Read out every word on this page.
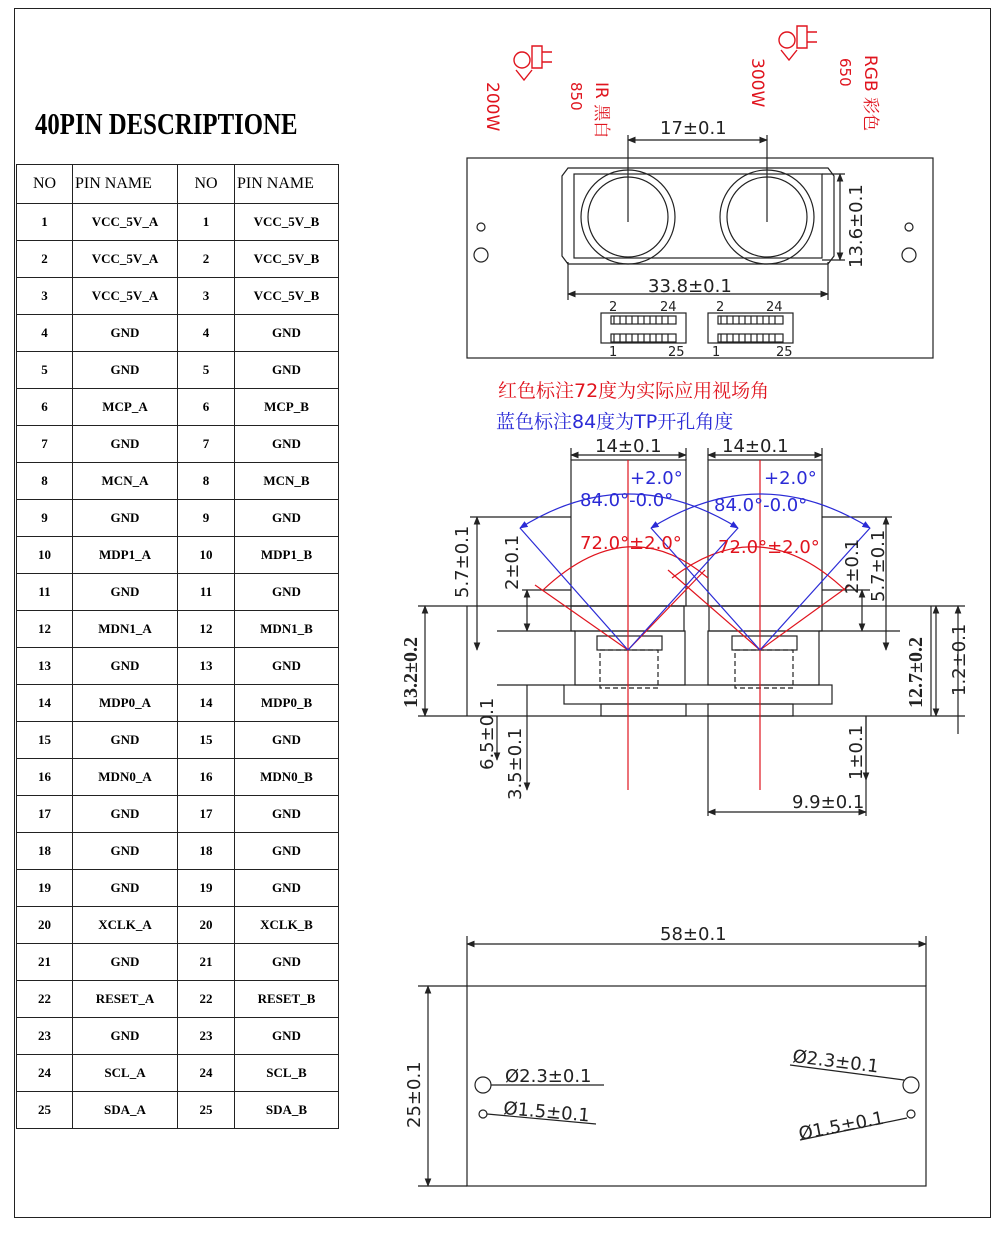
40PIN DESCRIPTIONE
NO	PIN NAME	NO	PIN NAME
1	VCC_5V_A	1	VCC_5V_B
2	VCC_5V_A	2	VCC_5V_B
3	VCC_5V_A	3	VCC_5V_B
4	GND	4	GND
5	GND	5	GND
6	MCP_A	6	MCP_B
7	GND	7	GND
8	MCN_A	8	MCN_B
9	GND	9	GND
10	MDP1_A	10	MDP1_B
11	GND	11	GND
12	MDN1_A	12	MDN1_B
13	GND	13	GND
14	MDP0_A	14	MDP0_B
15	GND	15	GND
16	MDN0_A	16	MDN0_B
17	GND	17	GND
18	GND	18	GND
19	GND	19	GND
20	XCLK_A	20	XCLK_B
21	GND	21	GND
22	RESET_A	22	RESET_B
23	GND	23	GND
24	SCL_A	24	SCL_B
25	SDA_A	25	SDA_B
200W	850 IR 黑白	300W	650 RGB 彩色
17±0.1
13.6±0.1
33.8±0.1
2	24
1	25
2	24
1	25
红色标注72度为实际应用视场角
蓝色标注84度为TP开孔角度
14±0.1	14±0.1
+2.0°	+2.0°
84.0°-0.0° 84.0°-0.0°
72.0°±2.0° 72.0°±2.0°
5.7±0.1 2±0.1	2±0.1 5.7±0.1
13.2±0.2
6.5±0.1 3.5±0.1
12.7±0.2 1.2±0.1
1±0.1
9.9±0.1
58±0.1
25±0.1	Ø2.3±0.1
Ø1.5±0.1
Ø2.3±0.1
Ø1.5±0.1
